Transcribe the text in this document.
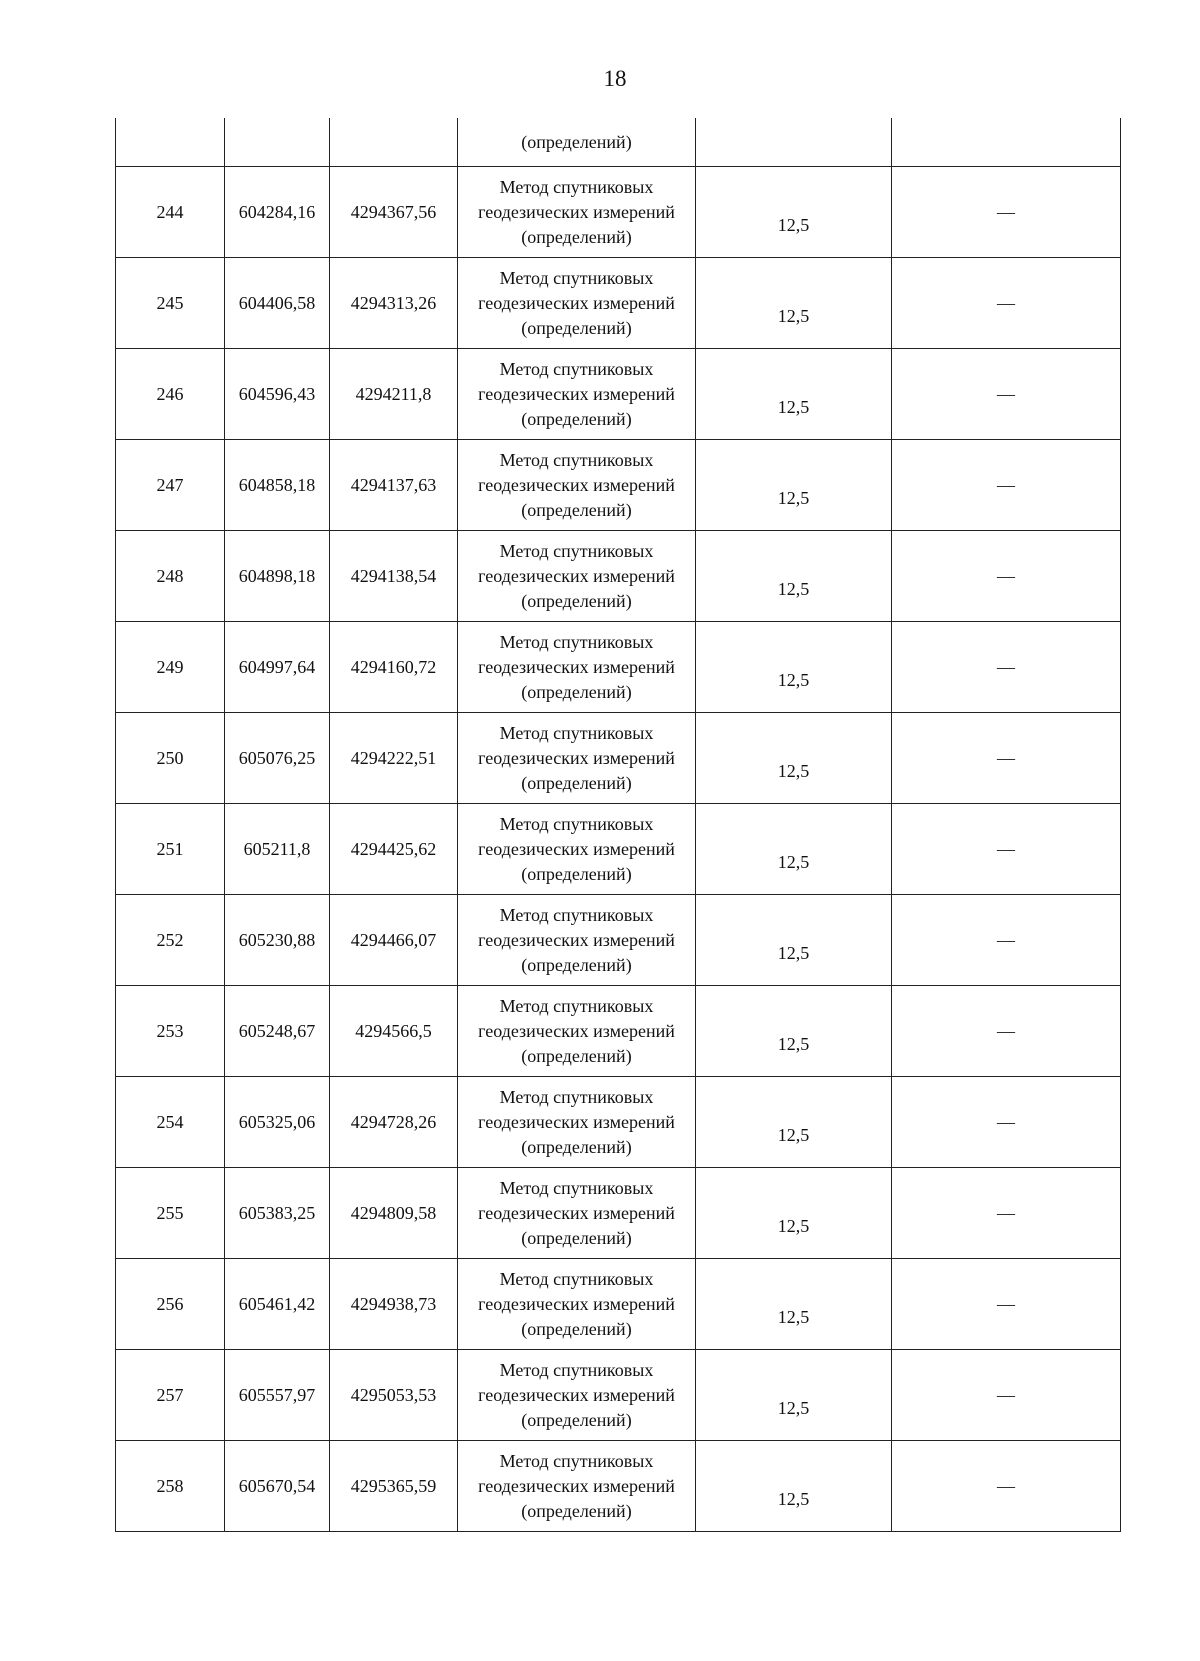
18
			(определений)		
244	604284,16	4294367,56	Метод спутниковых
геодезических измерений
(определений)	12,5	—
245	604406,58	4294313,26	Метод спутниковых
геодезических измерений
(определений)	12,5	—
246	604596,43	4294211,8	Метод спутниковых
геодезических измерений
(определений)	12,5	—
247	604858,18	4294137,63	Метод спутниковых
геодезических измерений
(определений)	12,5	—
248	604898,18	4294138,54	Метод спутниковых
геодезических измерений
(определений)	12,5	—
249	604997,64	4294160,72	Метод спутниковых
геодезических измерений
(определений)	12,5	—
250	605076,25	4294222,51	Метод спутниковых
геодезических измерений
(определений)	12,5	—
251	605211,8	4294425,62	Метод спутниковых
геодезических измерений
(определений)	12,5	—
252	605230,88	4294466,07	Метод спутниковых
геодезических измерений
(определений)	12,5	—
253	605248,67	4294566,5	Метод спутниковых
геодезических измерений
(определений)	12,5	—
254	605325,06	4294728,26	Метод спутниковых
геодезических измерений
(определений)	12,5	—
255	605383,25	4294809,58	Метод спутниковых
геодезических измерений
(определений)	12,5	—
256	605461,42	4294938,73	Метод спутниковых
геодезических измерений
(определений)	12,5	—
257	605557,97	4295053,53	Метод спутниковых
геодезических измерений
(определений)	12,5	—
258	605670,54	4295365,59	Метод спутниковых
геодезических измерений
(определений)	12,5	—
